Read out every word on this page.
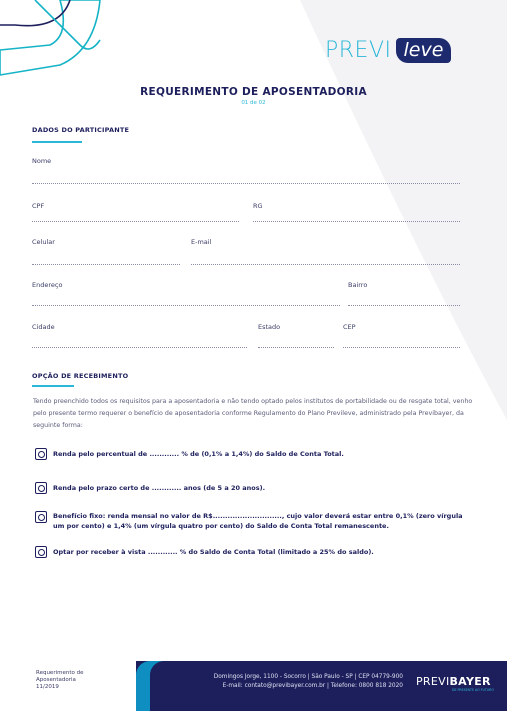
PREVI leve
REQUERIMENTO DE APOSENTADORIA
01 de 02
DADOS DO PARTICIPANTE
Nome
CPF	RG
Celular	E-mail
Endereço	Bairro
Cidade	Estado	CEP
OPÇÃO DE RECEBIMENTO
Tendo preenchido todos os requisitos para a aposentadoria e não tendo optado pelos institutos de portabilidade ou de resgate total, venho pelo presente termo requerer o benefício de aposentadoria conforme Regulamento do Plano Previleve, administrado pela Previbayer, da seguinte forma:
Renda pelo percentual de ............ % de (0,1% a 1,4%) do Saldo de Conta Total.
Renda pelo prazo certo de ............ anos (de 5 a 20 anos).
Benefício fixo: renda mensal no valor de R$............................, cujo valor deverá estar entre 0,1% (zero vírgula um por cento) e 1,4% (um vírgula quatro por cento) do Saldo de Conta Total remanescente.
Optar por receber à vista ............ % do Saldo de Conta Total (limitado a 25% do saldo).
Requerimento de
Aposentadoria
11/2019
Domingos Jorge, 1100 - Socorro | São Paulo - SP | CEP 04779-900
E-mail: contato@previbayer.com.br | Telefone: 0800 818 2020 PREVIBAYER
DE PRESENTE AO FUTURO
